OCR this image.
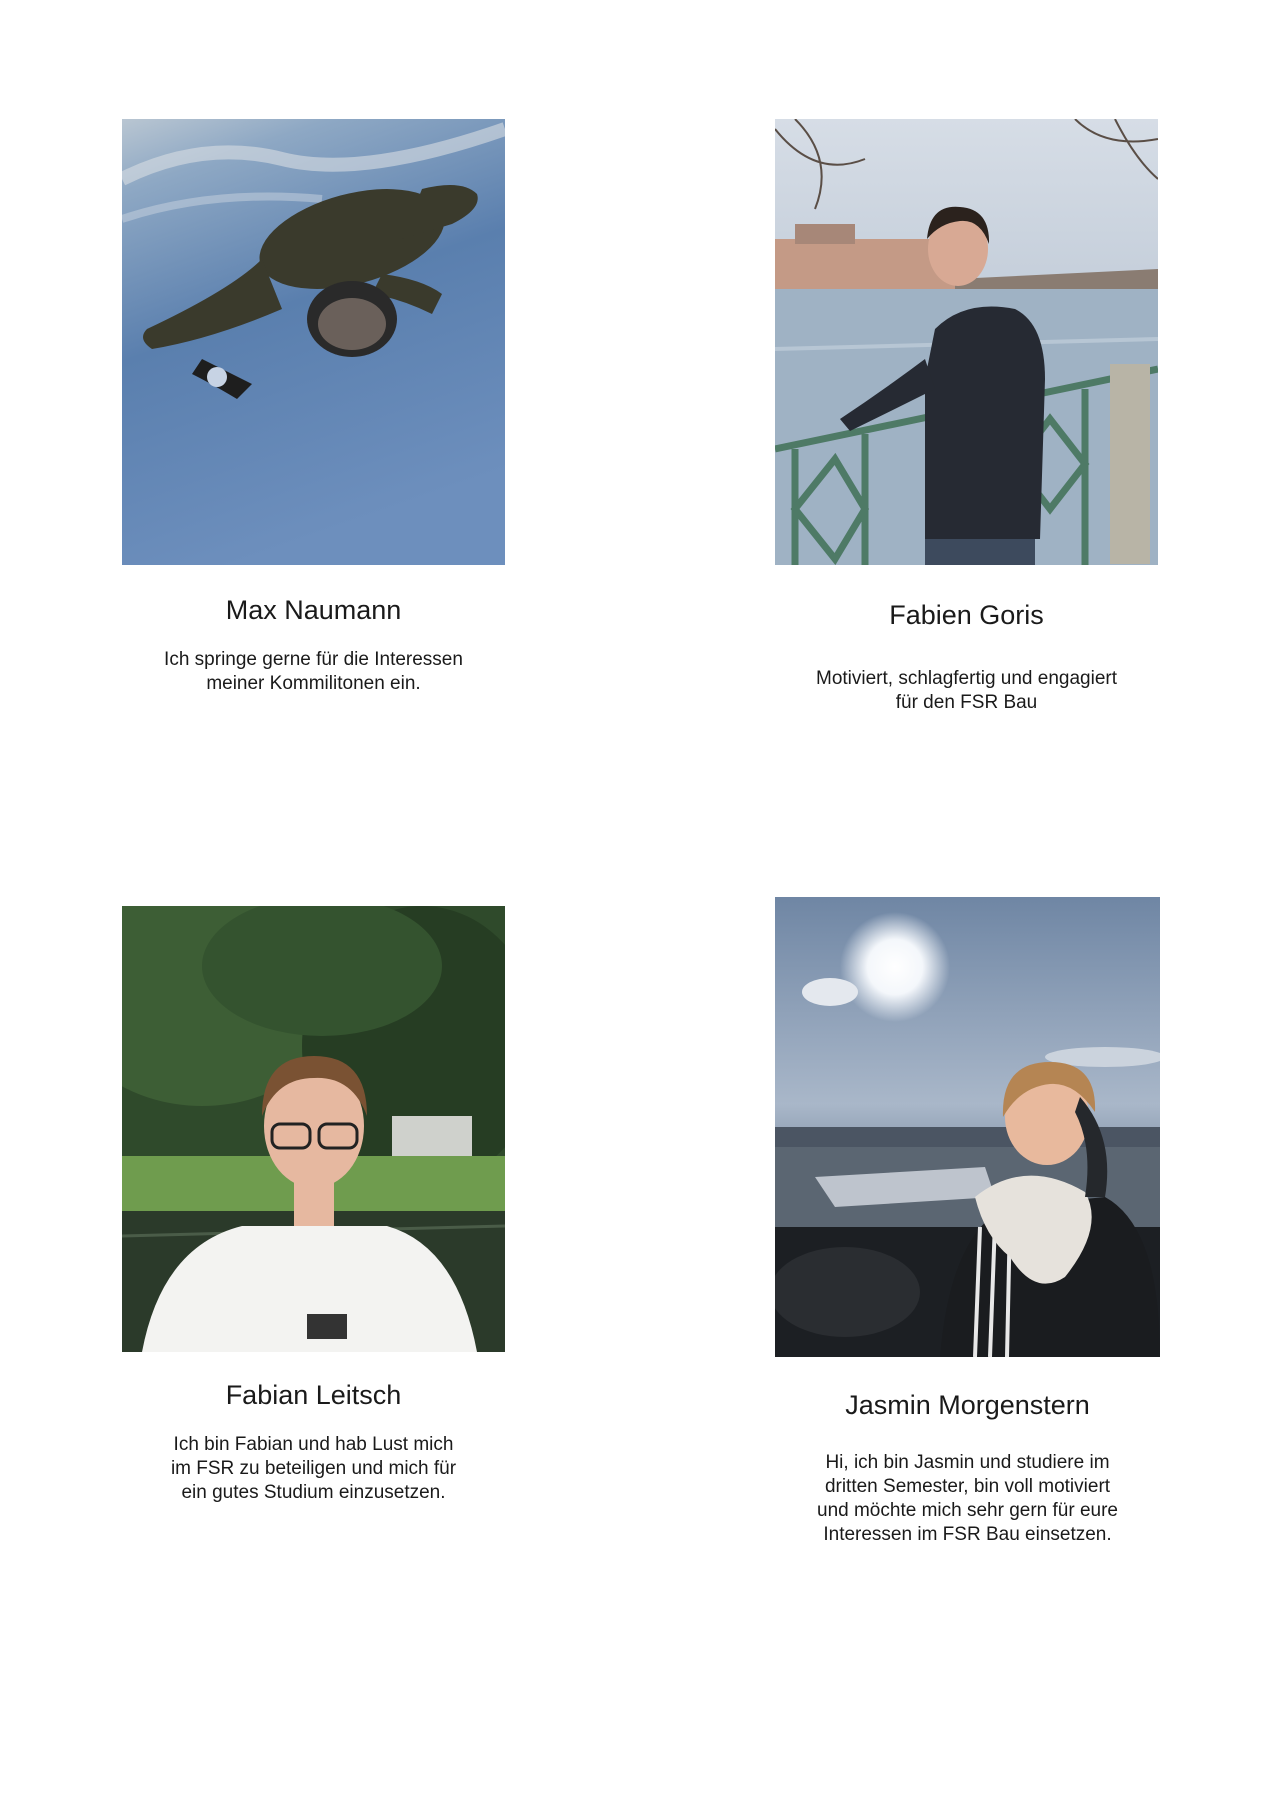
Max Naumann
Ich springe gerne für die Interessen
meiner Kommilitonen ein.
Fabien Goris
Motiviert, schlagfertig und engagiert
für den FSR Bau
Fabian Leitsch
Ich bin Fabian und hab Lust mich
im FSR zu beteiligen und mich für
ein gutes Studium einzusetzen.
Jasmin Morgenstern
Hi, ich bin Jasmin und studiere im
dritten Semester, bin voll motiviert
und möchte mich sehr gern für eure
Interessen im FSR Bau einsetzen.
